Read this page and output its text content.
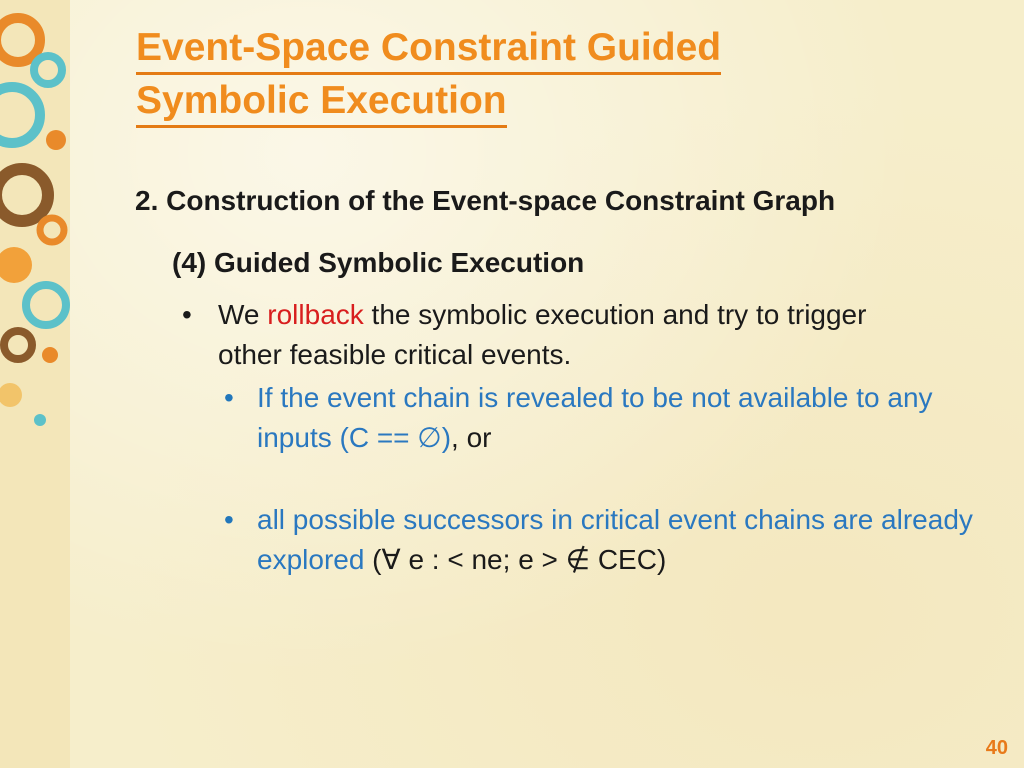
Event-Space Constraint Guided
Symbolic Execution

2. Construction of the Event-space Constraint Graph

(4) Guided Symbolic Execution

• We rollback the symbolic execution and try to trigger other feasible critical events.
• If the event chain is revealed to be not available to any inputs (C == ∅), or
• all possible successors in critical event chains are already explored (∀ e : < ne; e > ∉ CEC)
40
